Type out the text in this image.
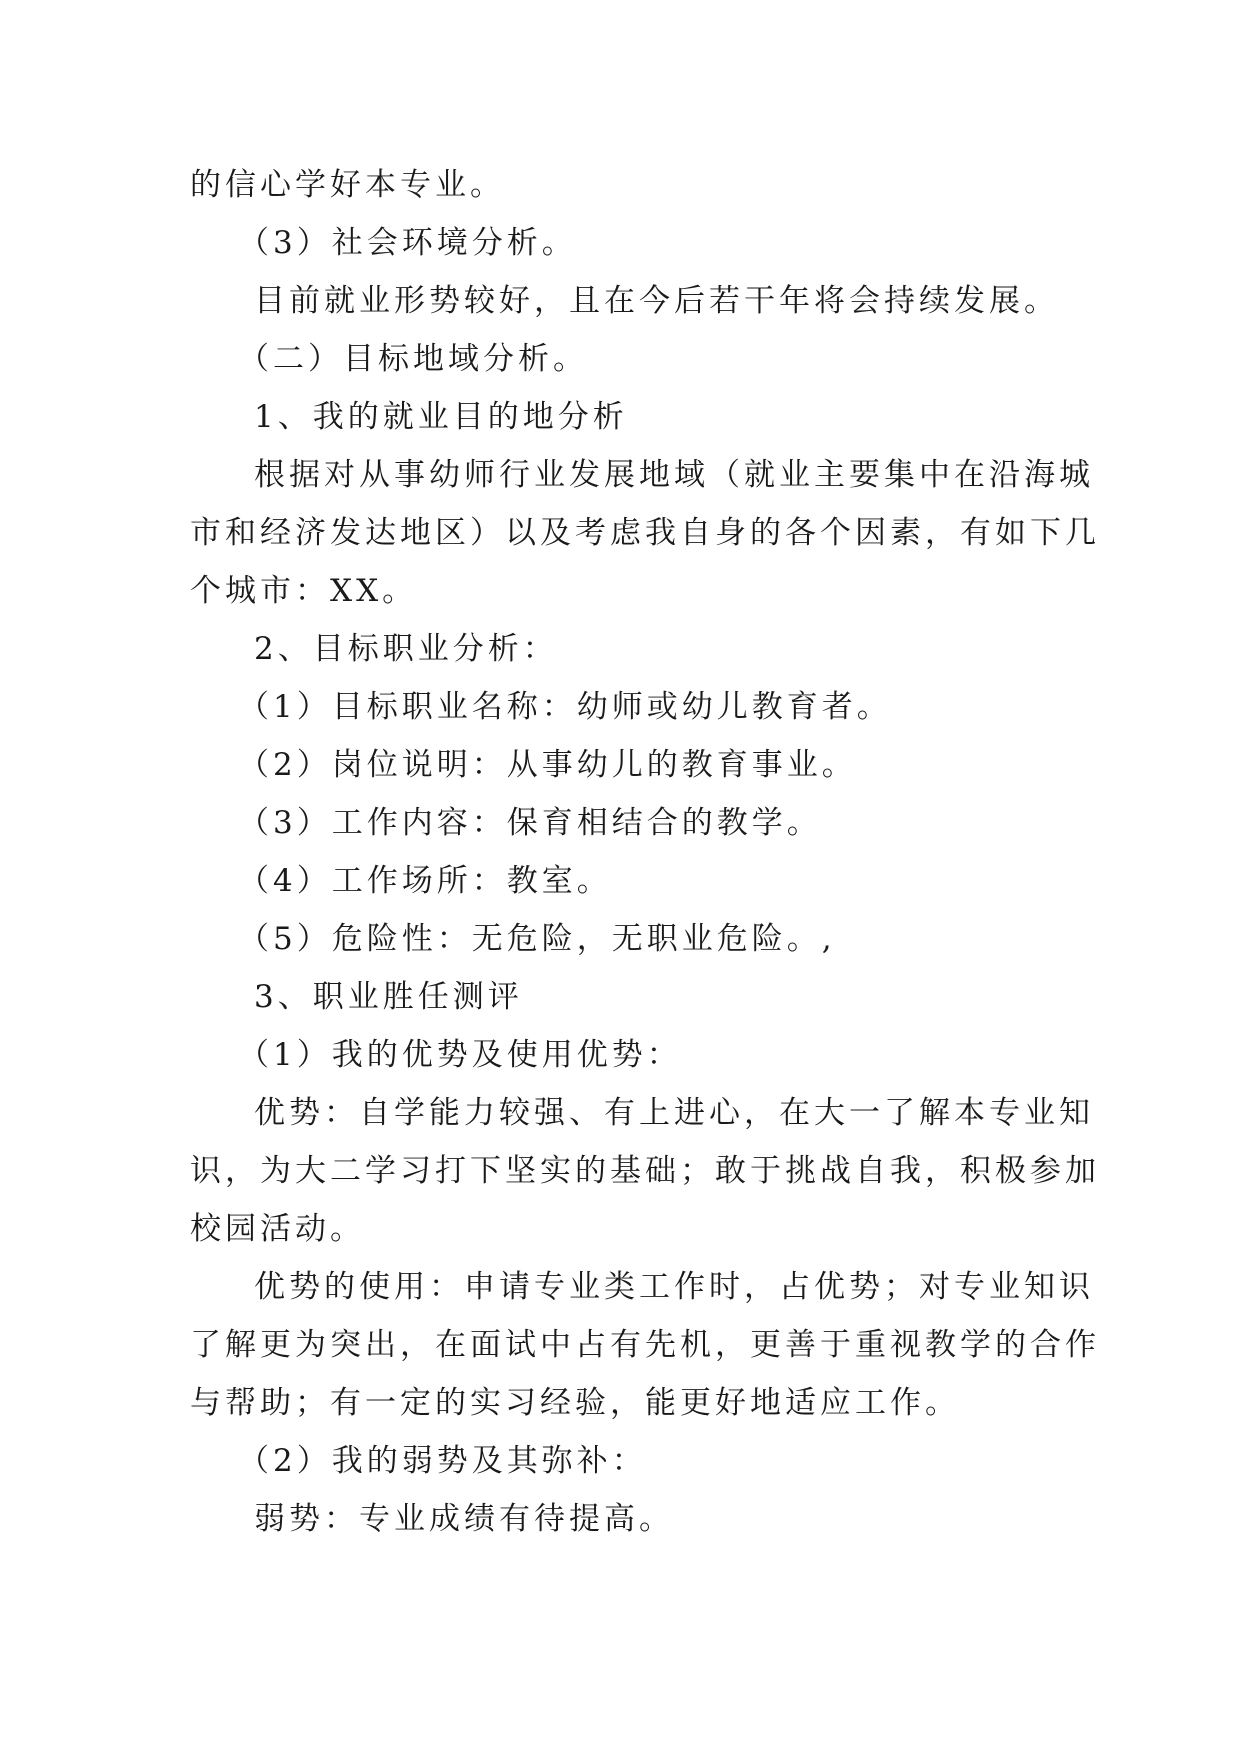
的信心学好本专业。
（3）社会环境分析。
目前就业形势较好，且在今后若干年将会持续发展。
（二）目标地域分析。
1、我的就业目的地分析
根据对从事幼师行业发展地域（就业主要集中在沿海城
市和经济发达地区）以及考虑我自身的各个因素，有如下几
个城市：XX。
2、目标职业分析：
（1）目标职业名称：幼师或幼儿教育者。
（2）岗位说明：从事幼儿的教育事业。
（3）工作内容：保育相结合的教学。
（4）工作场所：教室。
（5）危险性：无危险，无职业危险。,
3、职业胜任测评
（1）我的优势及使用优势：
优势：自学能力较强、有上进心，在大一了解本专业知
识，为大二学习打下坚实的基础；敢于挑战自我，积极参加
校园活动。
优势的使用：申请专业类工作时，占优势；对专业知识
了解更为突出，在面试中占有先机，更善于重视教学的合作
与帮助；有一定的实习经验，能更好地适应工作。
（2）我的弱势及其弥补：
弱势：专业成绩有待提高。
